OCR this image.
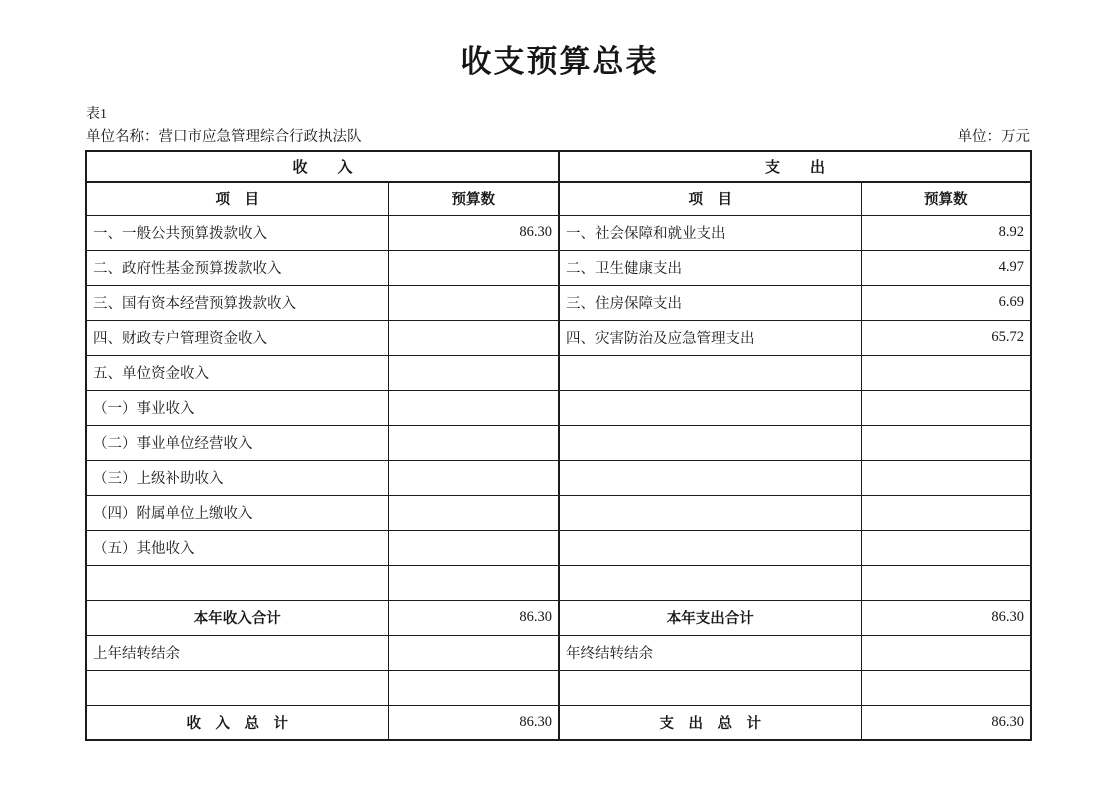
收支预算总表
表1
单位名称：营口市应急管理综合行政执法队	单位：万元
收　　入		支　　出	
项　目	预算数	项　目	预算数
一、一般公共预算拨款收入	86.30	一、社会保障和就业支出	8.92
二、政府性基金预算拨款收入		二、卫生健康支出	4.97
三、国有资本经营预算拨款收入		三、住房保障支出	6.69
四、财政专户管理资金收入		四、灾害防治及应急管理支出	65.72
五、单位资金收入			
（一）事业收入			
（二）事业单位经营收入			
（三）上级补助收入			
（四）附属单位上缴收入			
（五）其他收入			

本年收入合计	86.30	本年支出合计	86.30
上年结转结余		年终结转结余	

收　入　总　计	86.30	支　出　总　计	86.30
